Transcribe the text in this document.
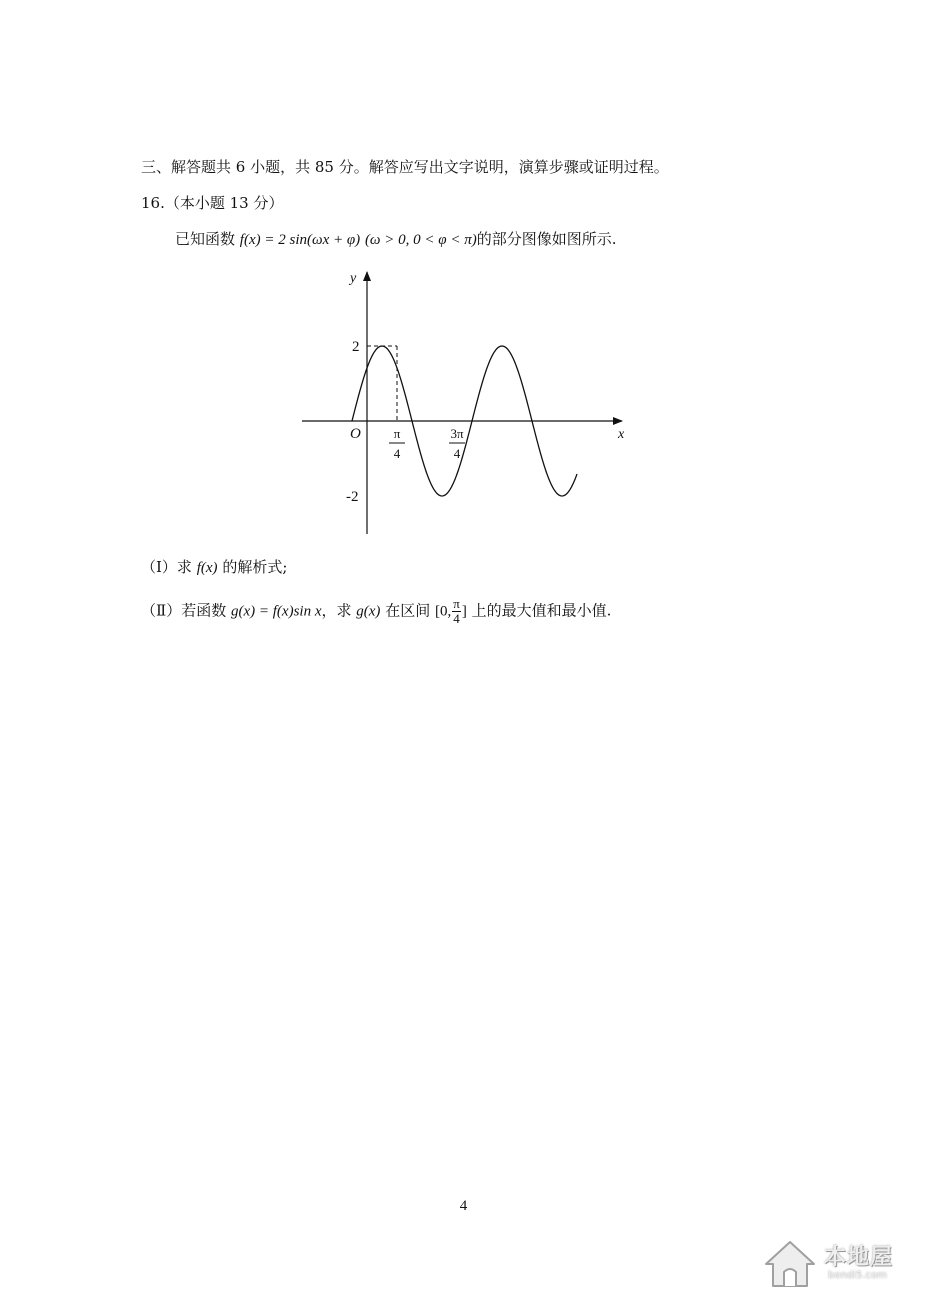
三、解答题共 6 小题，共 85 分。解答应写出文字说明，演算步骤或证明过程。
16.（本小题 13 分）
已知函数 f(x) = 2 sin(ωx + φ) (ω > 0, 0 < φ < π)的部分图像如图所示.
y
x
O
2
-2
π
4
3π
4
（Ⅰ）求 f(x) 的解析式;
（Ⅱ）若函数 g(x) = f(x)sin x，求 g(x) 在区间 [0, $\frac{\pi}{4}$ ] 上的最大值和最小值.
4
本地屋
bendi5.com
